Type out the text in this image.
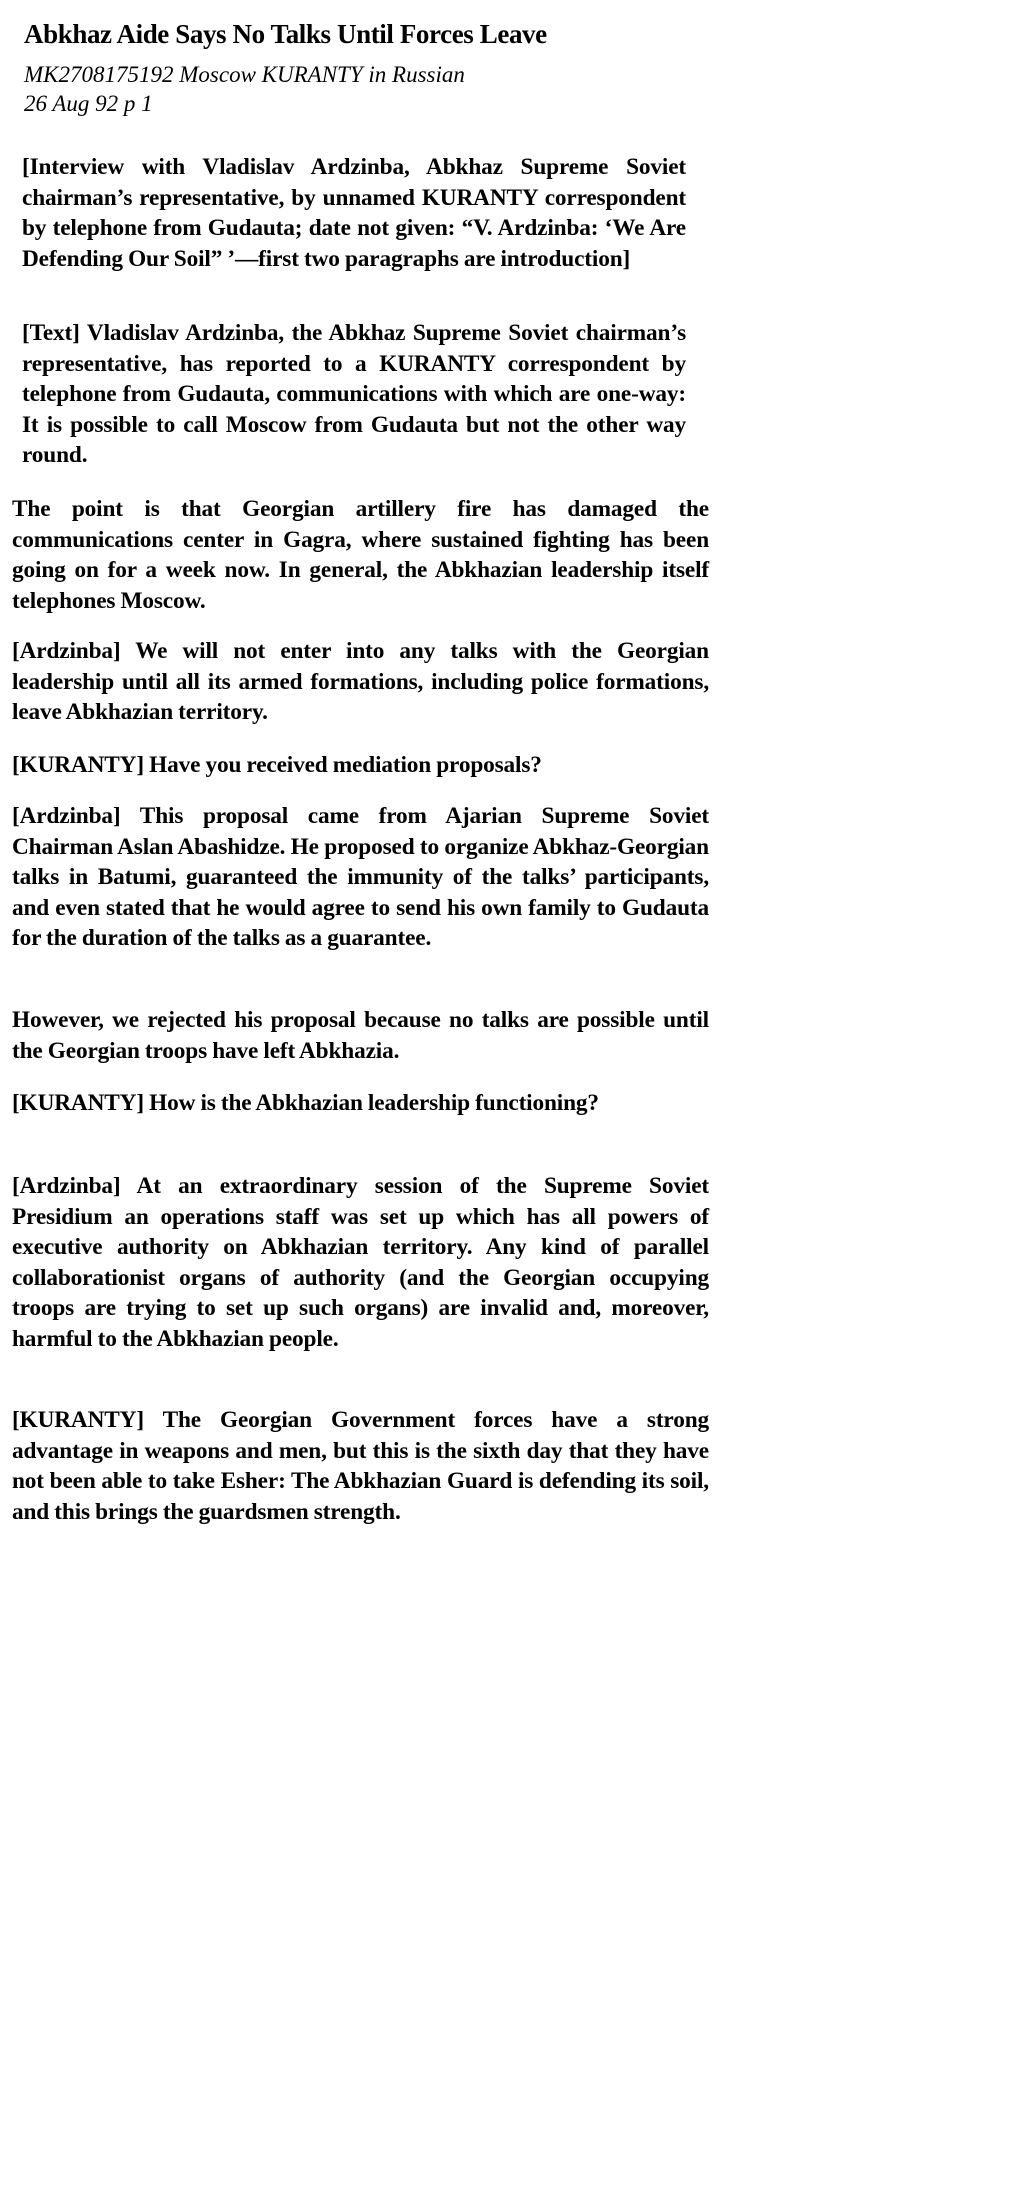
Abkhaz Aide Says No Talks Until Forces Leave
MK2708175192 Moscow KURANTY in Russian
26 Aug 92 p 1

[Interview with Vladislav Ardzinba, Abkhaz Supreme Soviet chairman’s representative, by unnamed KURANTY correspondent by telephone from Gudauta; date not given: “V. Ardzinba: ‘We Are Defending Our Soil” ’—first two paragraphs are introduction]

[Text] Vladislav Ardzinba, the Abkhaz Supreme Soviet chairman’s representative, has reported to a KURANTY correspondent by telephone from Gudauta, communications with which are one-way: It is possible to call Moscow from Gudauta but not the other way round.

The point is that Georgian artillery fire has damaged the communications center in Gagra, where sustained fighting has been going on for a week now. In general, the Abkhazian leadership itself telephones Moscow.

[Ardzinba] We will not enter into any talks with the Georgian leadership until all its armed formations, including police formations, leave Abkhazian territory.

[KURANTY] Have you received mediation proposals?

[Ardzinba] This proposal came from Ajarian Supreme Soviet Chairman Aslan Abashidze. He proposed to organize Abkhaz-Georgian talks in Batumi, guaranteed the immunity of the talks’ participants, and even stated that he would agree to send his own family to Gudauta for the duration of the talks as a guarantee.

However, we rejected his proposal because no talks are possible until the Georgian troops have left Abkhazia.

[KURANTY] How is the Abkhazian leadership functioning?

[Ardzinba] At an extraordinary session of the Supreme Soviet Presidium an operations staff was set up which has all powers of executive authority on Abkhazian territory. Any kind of parallel collaborationist organs of authority (and the Georgian occupying troops are trying to set up such organs) are invalid and, moreover, harmful to the Abkhazian people.

[KURANTY] The Georgian Government forces have a strong advantage in weapons and men, but this is the sixth day that they have not been able to take Esher: The Abkhazian Guard is defending its soil, and this brings the guardsmen strength.
